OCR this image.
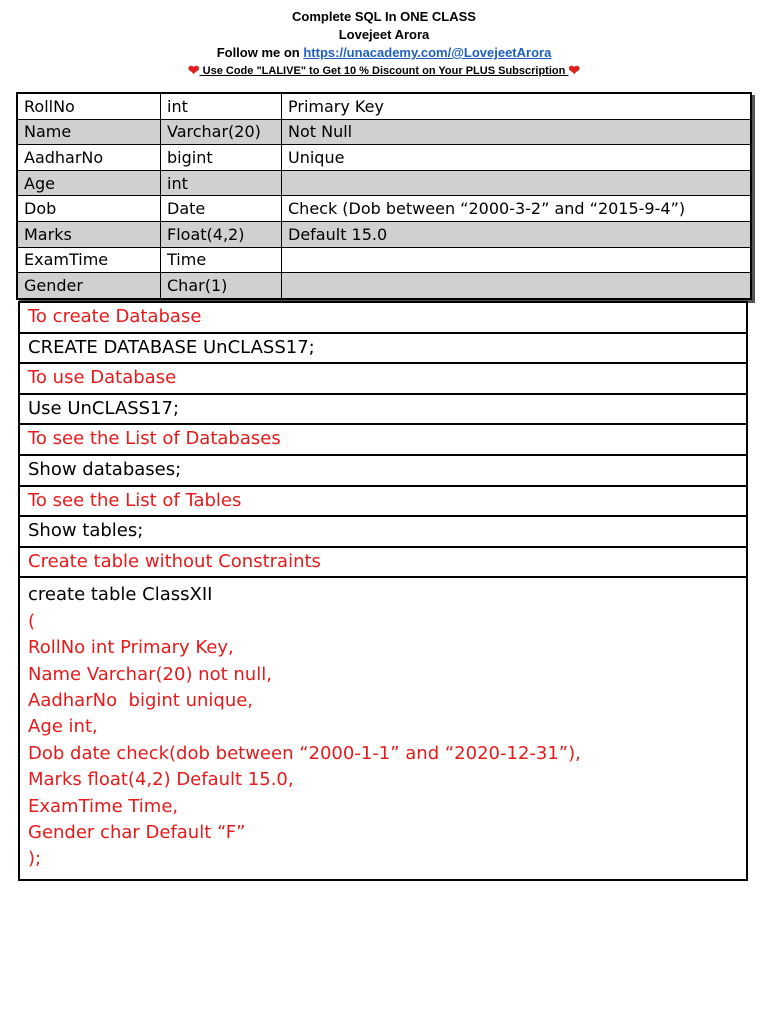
Complete SQL In ONE CLASS
Lovejeet Arora
Follow me on https://unacademy.com/@LovejeetArora
❤ Use Code "LALIVE" to Get 10 % Discount on Your PLUS Subscription ❤
RollNo	int	Primary Key
Name	Varchar(20)	Not Null
AadharNo	bigint	Unique
Age	int	
Dob	Date	Check (Dob between “2000-3-2” and “2015-9-4”)
Marks	Float(4,2)	Default 15.0
ExamTime	Time	
Gender	Char(1)	
To create Database
CREATE DATABASE UnCLASS17;
To use Database
Use UnCLASS17;
To see the List of Databases
Show databases;
To see the List of Tables
Show tables;
Create table without Constraints
create table ClassXII
(
RollNo int Primary Key,
Name Varchar(20) not null,
AadharNo  bigint unique,
Age int,
Dob date check(dob between “2000-1-1” and “2020-12-31”),
Marks float(4,2) Default 15.0,
ExamTime Time,
Gender char Default “F”
);
